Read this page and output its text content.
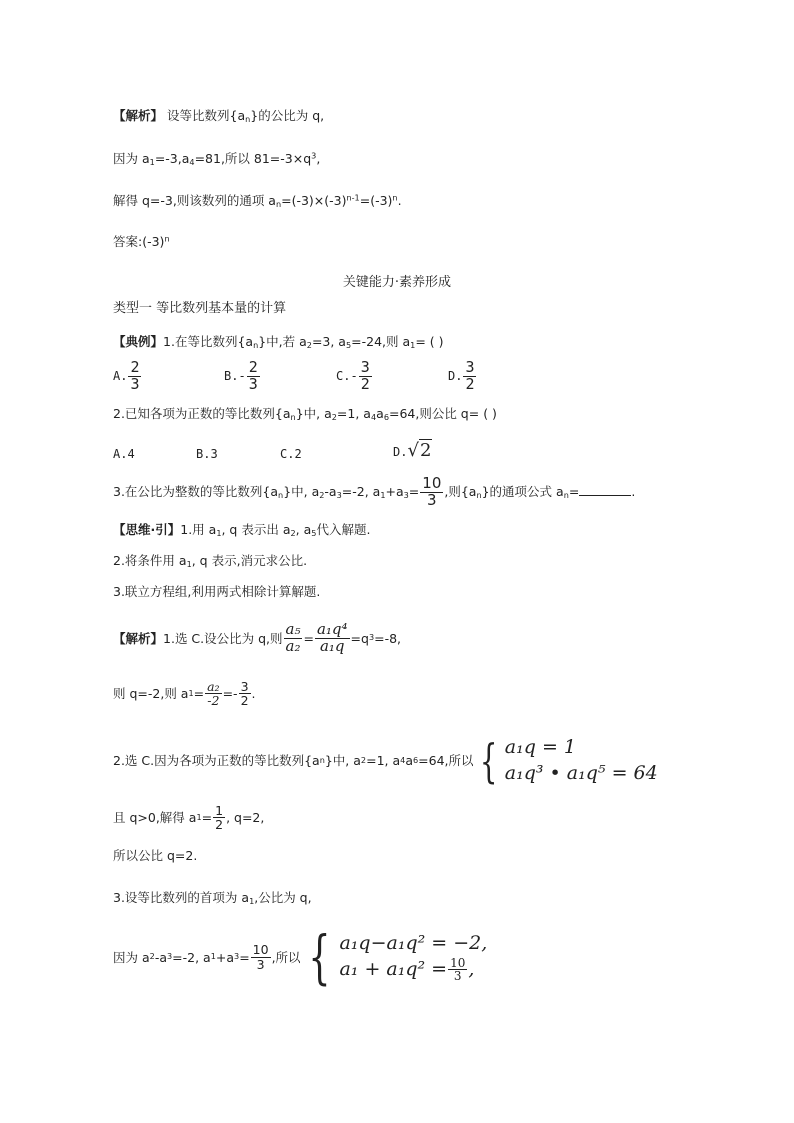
【解析】 设等比数列$\{a_n\}$的公比为 q,
因为 $a_1=-3,a_4=81$,所以 $81=-3\times q^3$,
解得 q=-3,则该数列的通项 $a_n=(-3)\times(-3)^{n-1}=(-3)^n$.
答案$:(-3)^n$
关键能力·素养形成
类型一 等比数列基本量的计算
【典例】1.在等比数列$\{a_n\}$中,若 $a_2=3$, $a_5=-24$,则 $a_1=$ ( )
A. $\frac{2}{3}$	$B.- \frac{2}{3}$	$C.- \frac{3}{2}$	D. $\frac{3}{2}$
2.已知各项为正数的等比数列$\{a_n\}$中, $a_2=1$, $a_4a_6=64$,则公比 q= ( )
A.4	B.3	C.2	D.√2
3.在公比为整数的等比数列$\{a_n\}$中, $a_2-a_3=-2$, $a_1+a_3= \frac{10}{3}$ ,则$\{a_n\}$的通项公式 $a_n=$	.
【思维·引】1.用 $a_1$, q 表示出 $a_2$, $a_5$代入解题.
2.将条件用 $a_1$, q 表示,消元求公比.
3.联立方程组,利用两式相除计算解题.
【解析】 1.选 C.设公比为 q,则 $\frac{\text{a₅}}{\text{a₂}} = \frac{\text{a₁q⁴}}{\text{a₁q}} =q$ 3 =-8,
则 q=-2,则 a $1 = \frac{\text{a₂}}{-2} =- \frac{3}{2}$ .
2.选 C.因为各项为正数的等比数列{a n }中, a 2 =1, a 4 a 6 =64,所以 { a₁q = 1
a₁q³ • a₁q⁵ = 64
且 q>0,解得 a $1 = \frac{1}{2}$ , q=2,
所以公比 q=2.
3.设等比数列的首项为 $a_1$,公比为 q,
因为 a 2 -a 3 =-2, a 1 +a $3 = \frac{10}{3}$ ,所以 { a₁q−a₁q² = −2,
$a_1 + a_1q^2 = \frac{10}{3}$ ,
